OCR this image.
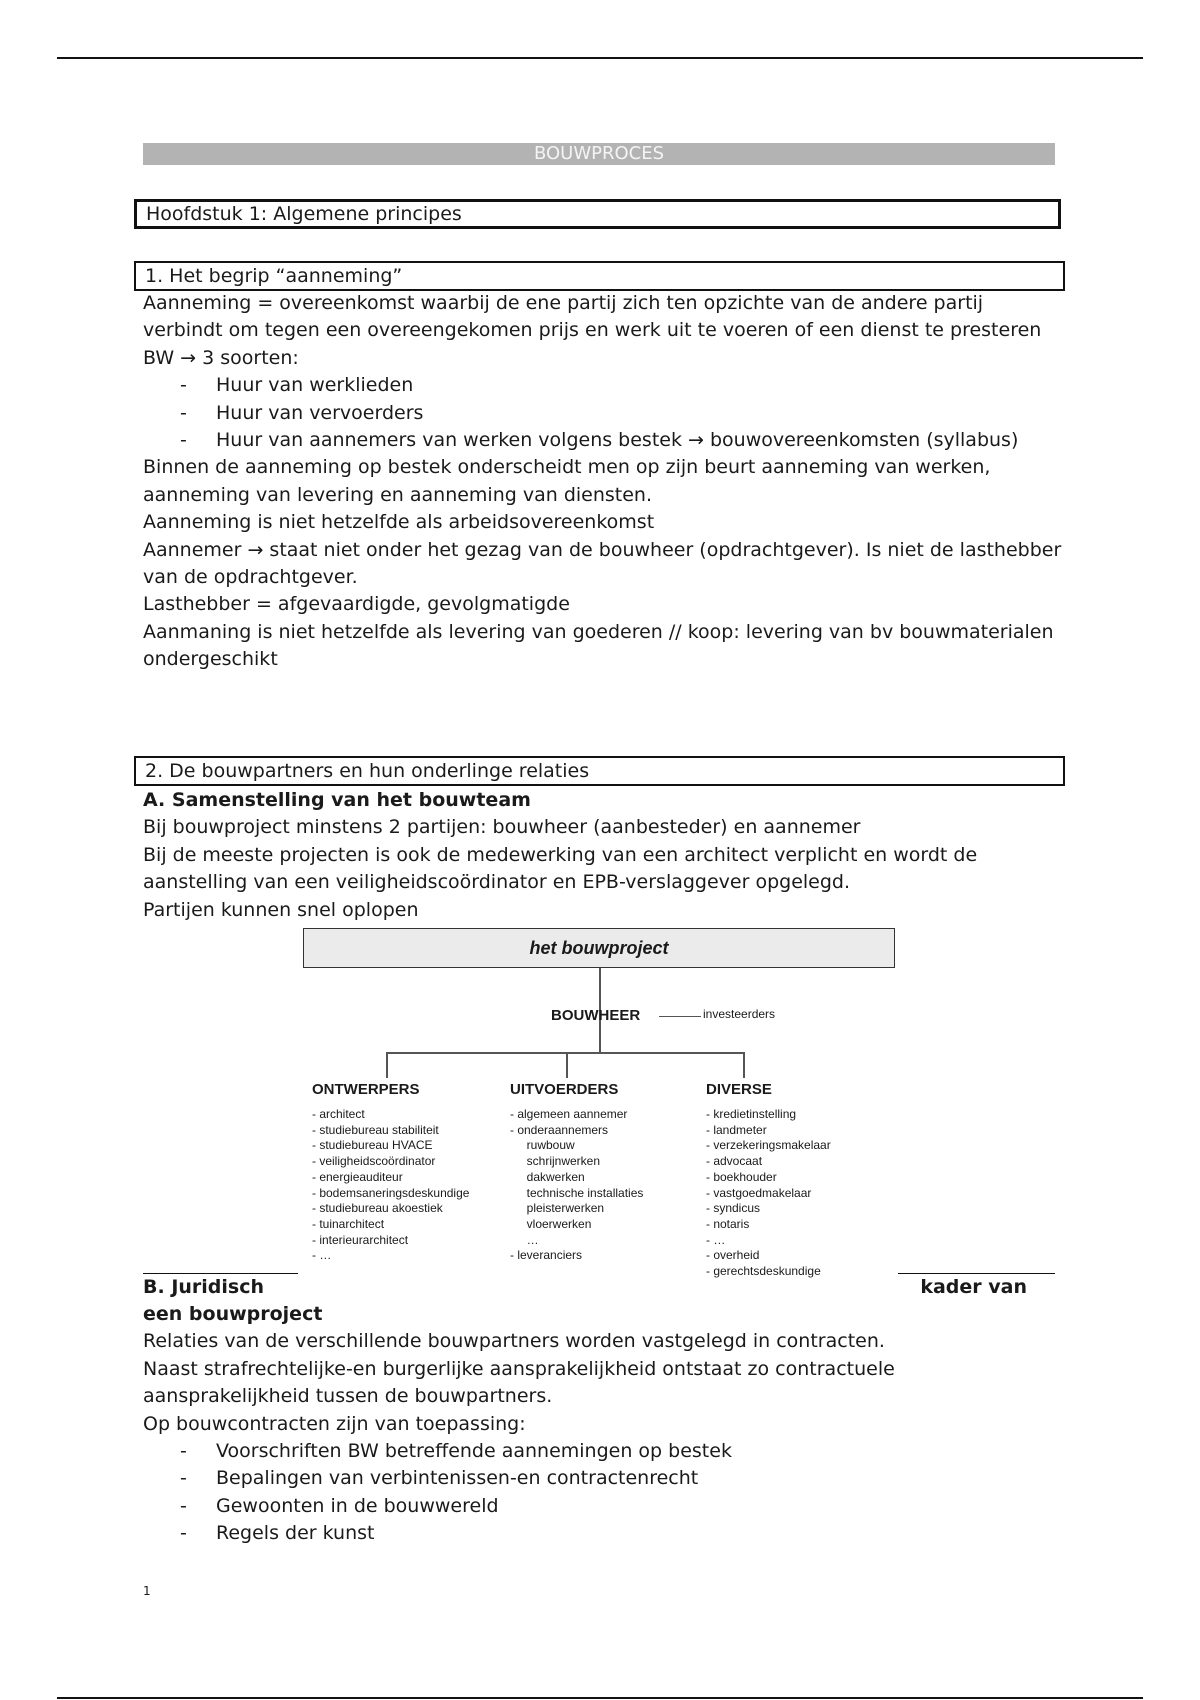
BOUWPROCES
Hoofdstuk 1: Algemene principes
1. Het begrip “aanneming”

Aanneming = overeenkomst waarbij de ene partij zich ten opzichte van de andere partij verbindt om tegen een overeengekomen prijs en werk uit te voeren of een dienst te presteren

BW → 3 soorten:

- Huur van werklieden
- Huur van vervoerders
- Huur van aannemers van werken volgens bestek → bouwovereenkomsten (syllabus)

Binnen de aanneming op bestek onderscheidt men op zijn beurt aanneming van werken, aanneming van levering en aanneming van diensten.

Aanneming is niet hetzelfde als arbeidsovereenkomst

Aannemer → staat niet onder het gezag van de bouwheer (opdrachtgever). Is niet de lasthebber van de opdrachtgever.

Lasthebber = afgevaardigde, gevolgmatigde

Aanmaning is niet hetzelfde als levering van goederen // koop: levering van bv bouwmaterialen ondergeschikt

2. De bouwpartners en hun onderlinge relaties

A. Samenstelling van het bouwteam

Bij bouwproject minstens 2 partijen: bouwheer (aanbesteder) en aannemer

Bij de meeste projecten is ook de medewerking van een architect verplicht en wordt de aanstelling van een veiligheidscoördinator en EPB-verslaggever opgelegd.

Partijen kunnen snel oplopen

B. Juridisch	kader van

een bouwproject

Relaties van de verschillende bouwpartners worden vastgelegd in contracten.

Naast strafrechtelijke-en burgerlijke aansprakelijkheid ontstaat zo contractuele aansprakelijkheid tussen de bouwpartners.

Op bouwcontracten zijn van toepassing:

- Voorschriften BW betreffende aannemingen op bestek
- Bepalingen van verbintenissen-en contractenrecht
- Gewoonten in de bouwwereld
- Regels der kunst
het bouwproject
BOUWHEER	investeerders
ONTWERPERS
- architect
- studiebureau stabiliteit
- studiebureau HVACE
- veiligheidscoördinator
- energieauditeur
- bodemsaneringsdeskundige
- studiebureau akoestiek
- tuinarchitect
- interieurarchitect
- …
UITVOERDERS
- algemeen aannemer
- onderaannemers
ruwbouw
schrijnwerken
dakwerken
technische installaties
pleisterwerken
vloerwerken
…
- leveranciers
DIVERSE
- kredietinstelling
- landmeter
- verzekeringsmakelaar
- advocaat
- boekhouder
- vastgoedmakelaar
- syndicus
- notaris
- …
- overheid
- gerechtsdeskundige
1
